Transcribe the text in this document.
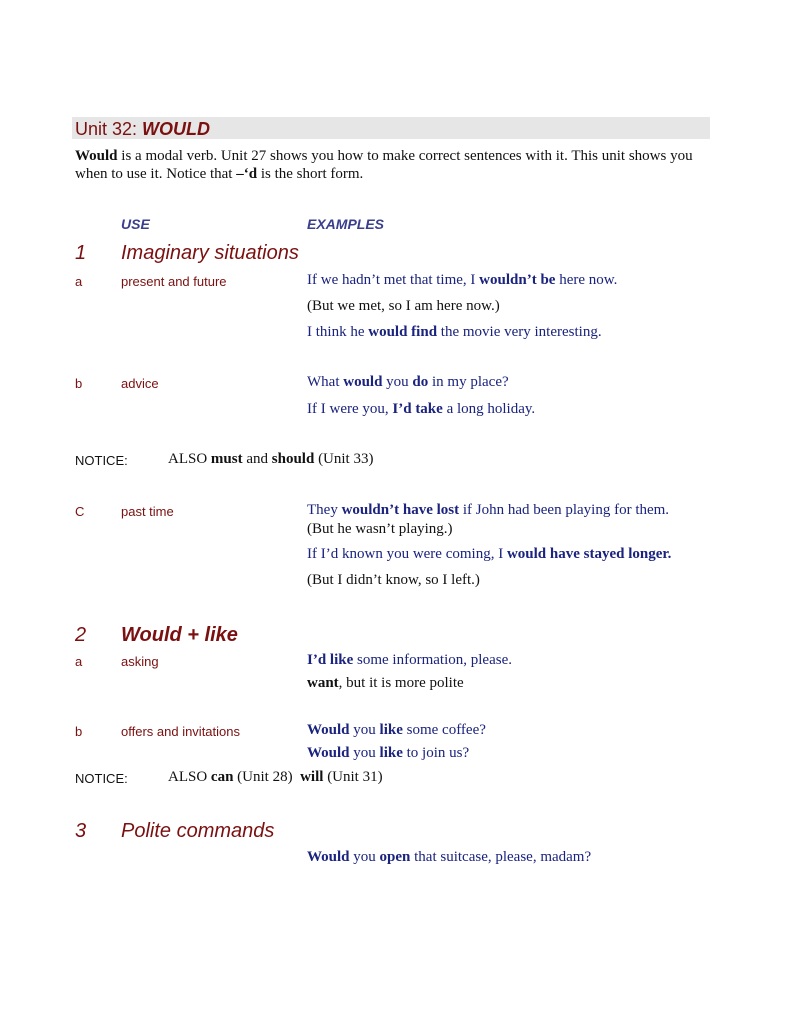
Unit 32: WOULD
Would is a modal verb. Unit 27 shows you how to make correct sentences with it. This unit shows you when to use it. Notice that –‘d is the short form.
USE	EXAMPLES
1 Imaginary situations
a	present and future	If we hadn’t met that time, I wouldn’t be here now.
(But we met, so I am here now.)
I think he would find the movie very interesting.
b	advice	What would you do in my place?
If I were you, I’d take a long holiday.
NOTICE:	ALSO must and should (Unit 33)
C	past time	They wouldn’t have lost if John had been playing for them.
(But he wasn’t playing.)
If I’d known you were coming, I would have stayed longer.
(But I didn’t know, so I left.)
2 Would + like
a	asking	I’d like some information, please.
want, but it is more polite
b	offers and invitations	Would you like some coffee?
Would you like to join us?
NOTICE:	ALSO can (Unit 28)  will (Unit 31)
3 Polite commands
Would you open that suitcase, please, madam?
